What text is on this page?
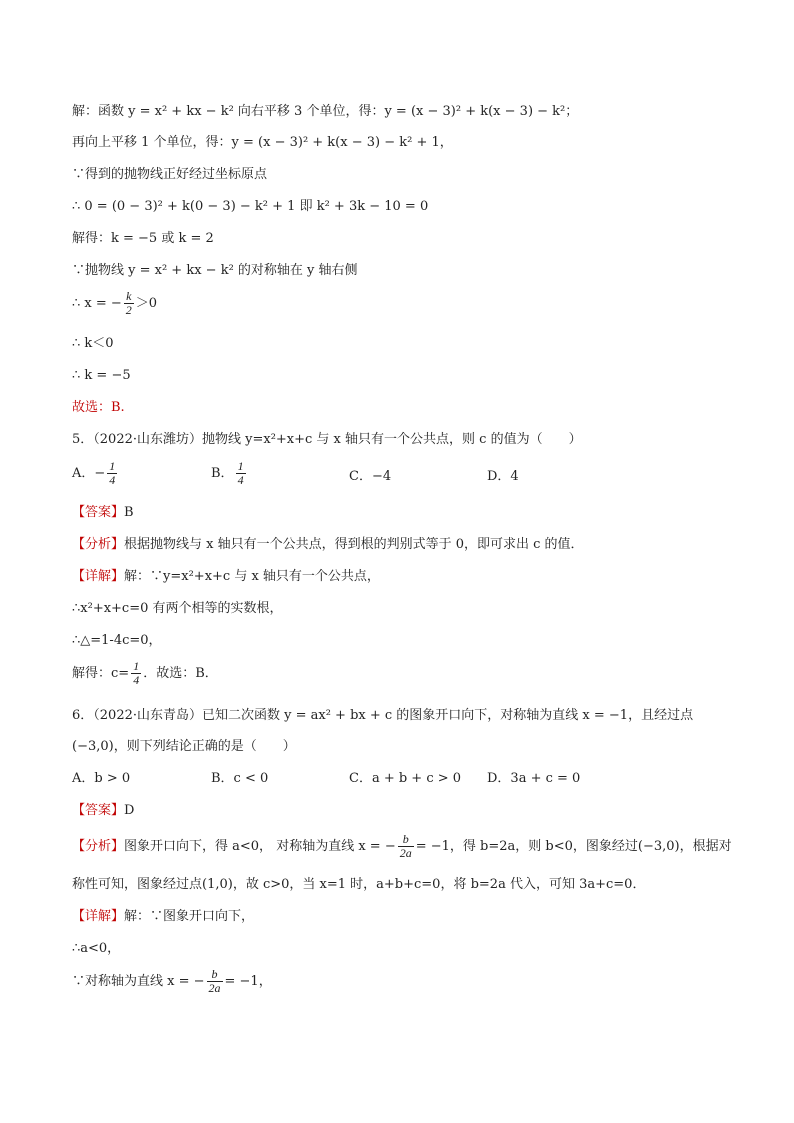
解：函数 y = x² + kx − k² 向右平移 3 个单位，得：y = (x − 3)² + k(x − 3) − k²；
再向上平移 1 个单位，得：y = (x − 3)² + k(x − 3) − k² + 1，
∵得到的抛物线正好经过坐标原点
∴ 0 = (0 − 3)² + k(0 − 3) − k² + 1 即 k² + 3k − 10 = 0
解得：k = −5 或 k = 2
∵抛物线 y = x² + kx − k² 的对称轴在 y 轴右侧
∴ x = − $\frac{k}{2} >0$
∴ k＜0
∴ k = −5
故选：B.
5．（2022·山东潍坊）抛物线 y=x²+x+c 与 x 轴只有一个公共点，则 c 的值为（　　）
A．− $\frac{1}{4}$	B． $\frac{1}{4}$	C．−4	D．4
【答案】B
【分析】根据抛物线与 x 轴只有一个公共点，得到根的判别式等于 0，即可求出 c 的值．
【详解】解：∵y=x²+x+c 与 x 轴只有一个公共点，
∴x²+x+c=0 有两个相等的实数根，
∴△=1-4c=0，
解得：$c= \frac{1}{4}$ ．故选：B．
6．（2022·山东青岛）已知二次函数 y = ax² + bx + c 的图象开口向下，对称轴为直线 x = −1，且经过点
(−3,0)，则下列结论正确的是（　　）
A．b > 0	B．c < 0	C．a + b + c > 0 D．3a + c = 0
【答案】D
【分析】图象开口向下，得 a<0， 对称轴为直线 x = − $\frac{b}{2a} = -1$，得 b=2a，则 b<0，图象经过(−3,0)，根据对
称性可知，图象经过点(1,0)，故 c>0，当 x=1 时，a+b+c=0，将 b=2a 代入，可知 3a+c=0．
【详解】解：∵图象开口向下，
∴a<0，
∵对称轴为直线 x = − $\frac{b}{2a} = -1$，
